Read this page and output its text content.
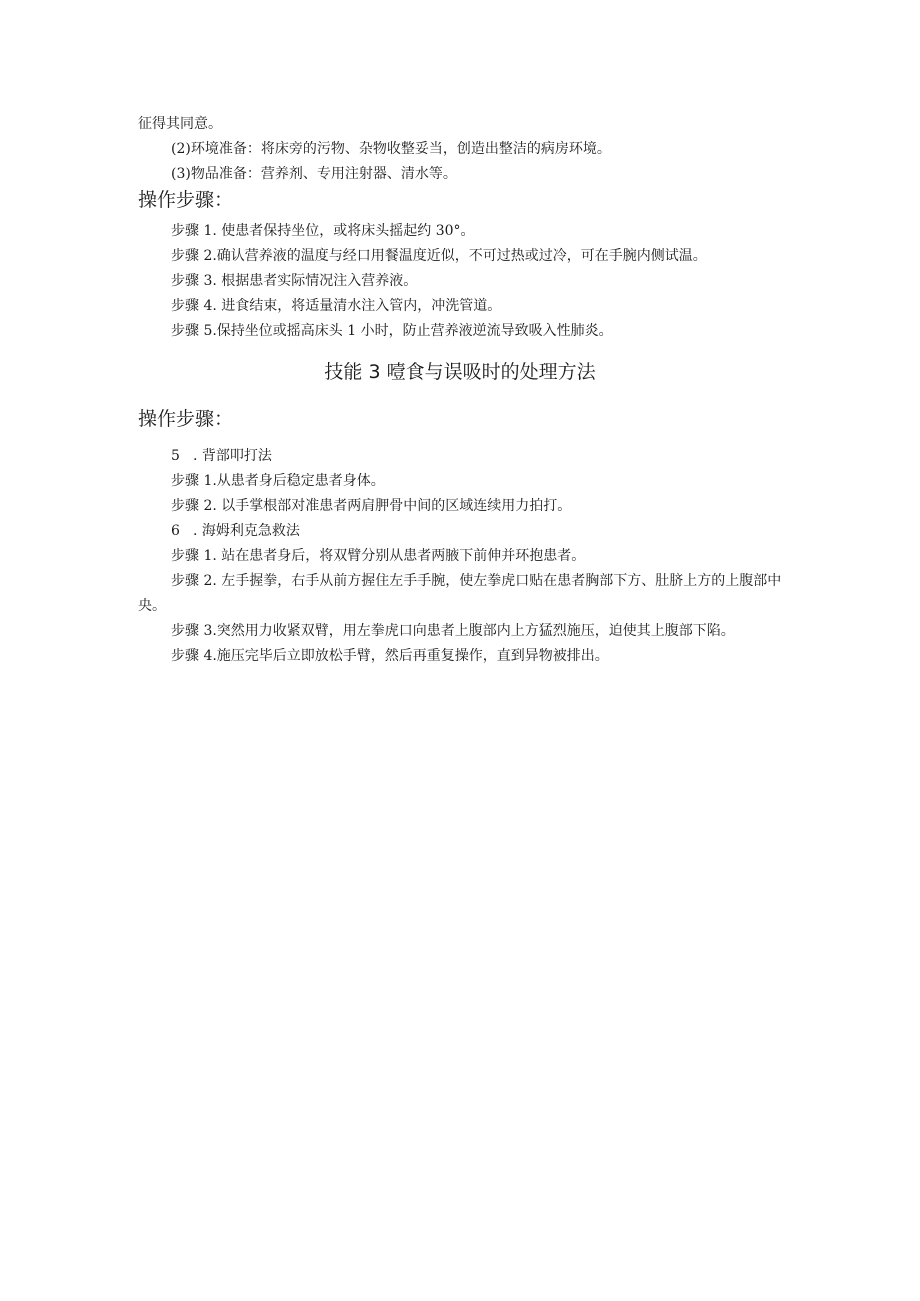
征得其同意。
(2)环境准备：将床旁的污物、杂物收整妥当，创造出整洁的病房环境。
(3)物品准备：营养剂、专用注射器、清水等。
操作步骤：
步骤 1. 使患者保持坐位，或将床头摇起约 30°。
步骤 2.确认营养液的温度与经口用餐温度近似，不可过热或过冷，可在手腕内侧试温。
步骤 3. 根据患者实际情况注入营养液。
步骤 4. 进食结束，将适量清水注入管内，冲洗管道。
步骤 5.保持坐位或摇高床头 1 小时，防止营养液逆流导致吸入性肺炎。
技能 3 噎食与误吸时的处理方法
操作步骤：
5 . 背部叩打法
步骤 1.从患者身后稳定患者身体。
步骤 2. 以手掌根部对准患者两肩胛骨中间的区域连续用力拍打。
6 . 海姆利克急救法
步骤 1. 站在患者身后，将双臂分别从患者两腋下前伸并环抱患者。
步骤 2. 左手握拳，右手从前方握住左手手腕，使左拳虎口贴在患者胸部下方、肚脐上方的上腹部中央。
步骤 3.突然用力收紧双臂，用左拳虎口向患者上腹部内上方猛烈施压，迫使其上腹部下陷。
步骤 4.施压完毕后立即放松手臂，然后再重复操作，直到异物被排出。
